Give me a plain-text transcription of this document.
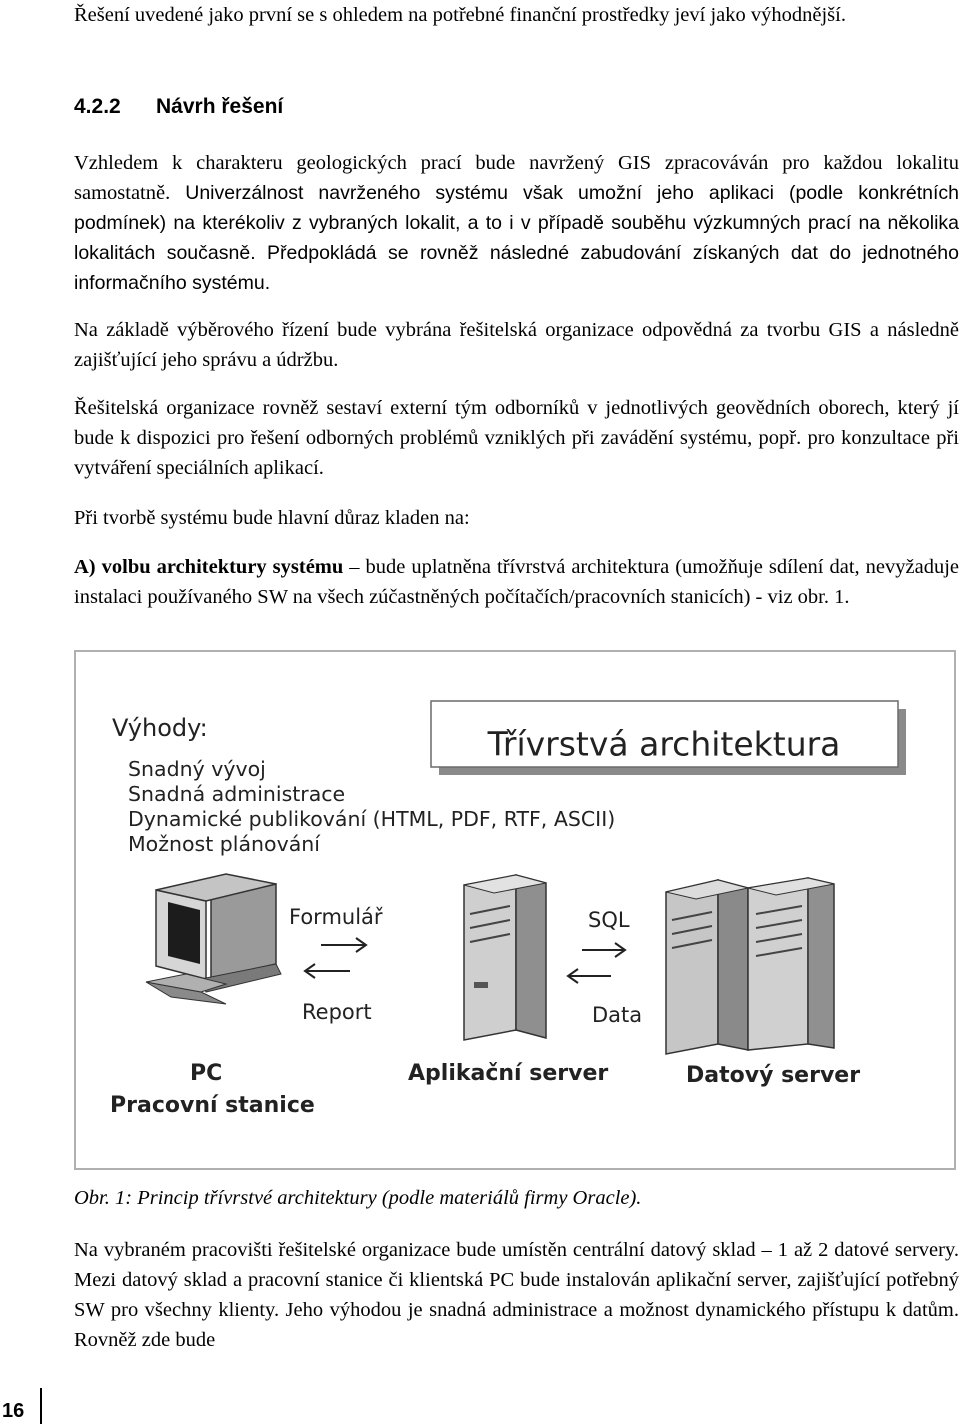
Řešení uvedené jako první se s ohledem na potřebné finanční prostředky jeví jako výhodnější.
4.2.2 Návrh řešení
Vzhledem k charakteru geologických prací bude navržený GIS zpracováván pro každou lokalitu samostatně. Univerzálnost navrženého systému však umožní jeho aplikaci (podle konkrétních podmínek) na kterékoliv z vybraných lokalit, a to i v případě souběhu výzkumných prací na několika lokalitách současně. Předpokládá se rovněž následné zabudování získaných dat do jednotného informačního systému.
Na základě výběrového řízení bude vybrána řešitelská organizace odpovědná za tvorbu GIS a následně zajišťující jeho správu a údržbu.
Řešitelská organizace rovněž sestaví externí tým odborníků v jednotlivých geovědních oborech, který jí bude k dispozici pro řešení odborných problémů vzniklých při zavádění systému, popř. pro konzultace při vytváření speciálních aplikací.
Při tvorbě systému bude hlavní důraz kladen na:
A) volbu architektury systému – bude uplatněna třívrstvá architektura (umožňuje sdílení dat, nevyžaduje instalaci používaného SW na všech zúčastněných počítačích/pracovních stanicích) - viz obr. 1.
Výhody:
Snadný vývoj
Snadná administrace
Dynamické publikování (HTML, PDF, RTF, ASCII)
Možnost plánování
Třívrstvá architektura
Formulář
Report
SQL
Data
PC
Pracovní stanice
Aplikační server	Datový server
Obr. 1: Princip třívrstvé architektury (podle materiálů firmy Oracle).
Na vybraném pracovišti řešitelské organizace bude umístěn centrální datový sklad – 1 až 2 datové servery. Mezi datový sklad a pracovní stanice či klientská PC bude instalován aplikační server, zajišťující potřebný SW pro všechny klienty. Jeho výhodou je snadná administrace a možnost dynamického přístupu k datům. Rovněž zde bude
16
